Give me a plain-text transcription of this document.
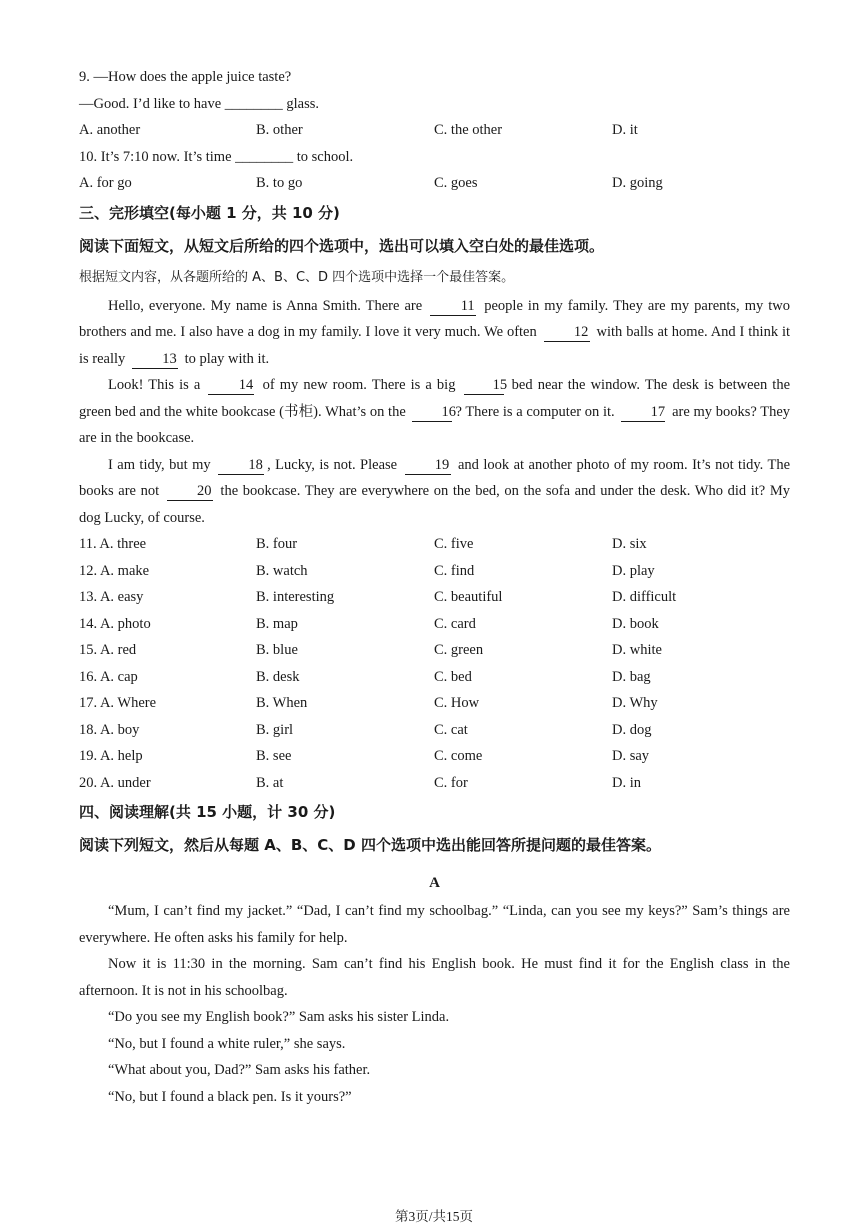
9. —How does the apple juice taste?
—Good. I’d like to have ________ glass.
A. another	B. other	C. the other	D. it
10. It’s 7:10 now. It’s time ________ to school.
A. for go	B. to go	C. goes	D. going
三、完形填空(每小题 1 分，共 10 分)
阅读下面短文，从短文后所给的四个选项中，选出可以填入空白处的最佳选项。
根据短文内容，从各题所给的 A、B、C、D 四个选项中选择一个最佳答案。

Hello, everyone. My name is Anna Smith. There are	11 people in my family. They are my parents, my two brothers and me. I also have a dog in my family. I love it very much. We often	12 with balls at home. And I think it is really	13 to play with it.

Look! This is a	14 of my new room. There is a big	15 bed near the window. The desk is between the green bed and the white bookcase (书柜). What’s on the 16? There is a computer on it. 17 are my books? They are in the bookcase.

I am tidy, but my	18 , Lucky, is not. Please	19 and look at another photo of my room. It’s not tidy. The books are not	20 the bookcase. They are everywhere on the bed, on the sofa and under the desk. Who did it? My dog Lucky, of course.

11. A. three	B. four	C. five	D. six
12. A. make	B. watch	C. find	D. play
13. A. easy	B. interesting	C. beautiful	D. difficult
14. A. photo	B. map	C. card	D. book
15. A. red	B. blue	C. green	D. white
16. A. cap	B. desk	C. bed	D. bag
17. A. Where	B. When	C. How	D. Why
18. A. boy	B. girl	C. cat	D. dog
19. A. help	B. see	C. come	D. say
20. A. under	B. at	C. for	D. in
四、阅读理解(共 15 小题，计 30 分)
阅读下列短文，然后从每题 A、B、C、D 四个选项中选出能回答所提问题的最佳答案。
A

“Mum, I can’t find my jacket.” “Dad, I can’t find my schoolbag.” “Linda, can you see my keys?” Sam’s things are everywhere. He often asks his family for help.

Now it is 11:30 in the morning. Sam can’t find his English book. He must find it for the English class in the afternoon. It is not in his schoolbag.

“Do you see my English book?” Sam asks his sister Linda.

“No, but I found a white ruler,” she says.

“What about you, Dad?” Sam asks his father.

“No, but I found a black pen. Is it yours?”

第3页/共15页
